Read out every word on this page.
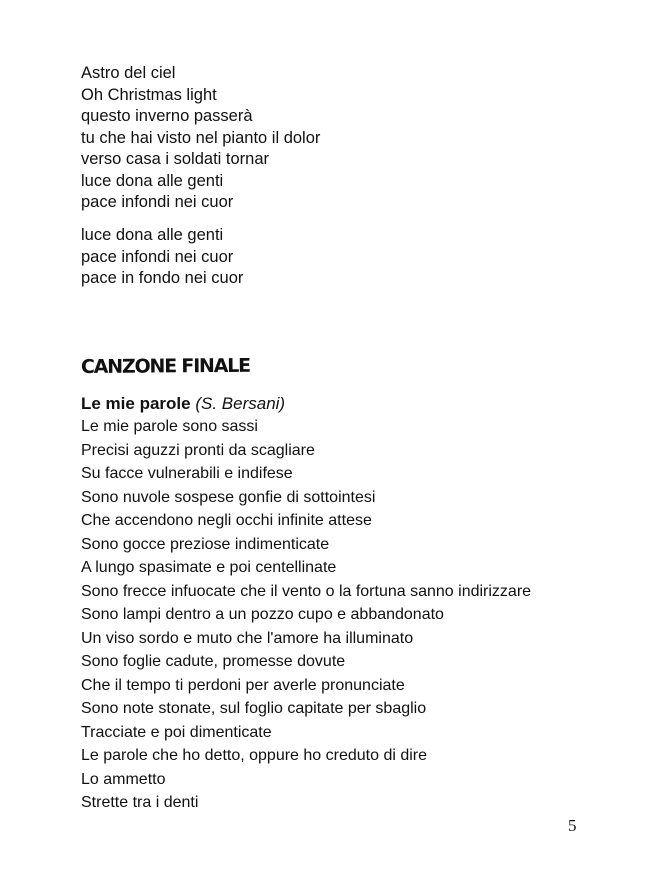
Astro del ciel
Oh Christmas light
questo inverno passerà
tu che hai visto nel pianto il dolor
verso casa i soldati tornar
luce dona alle genti
pace infondi nei cuor
luce dona alle genti
pace infondi nei cuor
pace in fondo nei cuor
CANZONE FINALE

Le mie parole (S. Bersani)

Le mie parole sono sassi
Precisi aguzzi pronti da scagliare
Su facce vulnerabili e indifese
Sono nuvole sospese gonfie di sottointesi
Che accendono negli occhi infinite attese
Sono gocce preziose indimenticate
A lungo spasimate e poi centellinate
Sono frecce infuocate che il vento o la fortuna sanno indirizzare
Sono lampi dentro a un pozzo cupo e abbandonato
Un viso sordo e muto che l'amore ha illuminato
Sono foglie cadute, promesse dovute
Che il tempo ti perdoni per averle pronunciate
Sono note stonate, sul foglio capitate per sbaglio
Tracciate e poi dimenticate
Le parole che ho detto, oppure ho creduto di dire
Lo ammetto
Strette tra i denti
5
